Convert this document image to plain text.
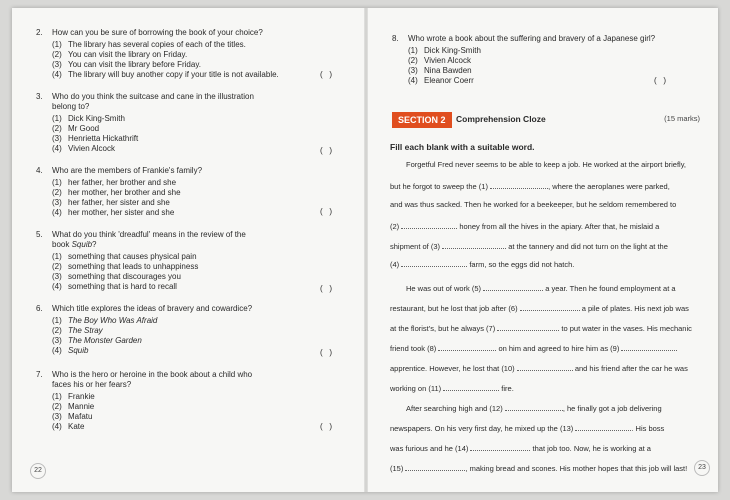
2. How can you be sure of borrowing the book of your choice?
(1) The library has several copies of each of the titles.
(2) You can visit the library on Friday.
(3) You can visit the library before Friday.
(4) The library will buy another copy if your title is not available.	(   )
3. Who do you think the suitcase and cane in the illustration belong to?
(1) Dick King-Smith
(2) Mr Good
(3) Henrietta Hickathrift
(4) Vivien Alcock	(   )
4. Who are the members of Frankie's family?
(1) her father, her brother and she
(2) her mother, her brother and she
(3) her father, her sister and she
(4) her mother, her sister and she	(   )
5. What do you think 'dreadful' means in the review of the
book Squib?
(1) something that causes physical pain
(2) something that leads to unhappiness
(3) something that discourages you
(4) something that is hard to recall	(   )
6. Which title explores the ideas of bravery and cowardice?
(1) The Boy Who Was Afraid
(2) The Stray
(3) The Monster Garden
(4) Squib	(   )
7. Who is the hero or heroine in the book about a child who faces his or her fears?
(1) Frankie
(2) Mannie
(3) Mafatu
(4) Kate	(   )
22
8. Who wrote a book about the suffering and bravery of a Japanese girl?
(1) Dick King-Smith
(2) Vivien Alcock
(3) Nina Bawden
(4) Eleanor Coerr	(   )
SECTION 2	Comprehension Cloze	(15 marks)
Fill each blank with a suitable word.
Forgetful Fred never seems to be able to keep a job. He worked at the airport briefly,
but he forgot to sweep the (1)	, where the aeroplanes were parked,
and was thus sacked. Then he worked for a beekeeper, but he seldom remembered to
(2)	honey from all the hives in the apiary. After that, he mislaid a
shipment of (3)	at the tannery and did not turn on the light at the
(4)	farm, so the eggs did not hatch.
He was out of work (5)	a year. Then he found employment at a
restaurant, but he lost that job after (6)	a pile of plates. His next job was
at the florist's, but he always (7)	to put water in the vases. His mechanic
friend took (8)	on him and agreed to hire him as (9)
apprentice. However, he lost that (10)	and his friend after the car he was
working on (11)	fire.
After searching high and (12)	, he finally got a job delivering
newspapers. On his very first day, he mixed up the (13)	. His boss
was furious and he (14)	that job too. Now, he is working at a
(15)	, making bread and scones. His mother hopes that this job will last!	23
